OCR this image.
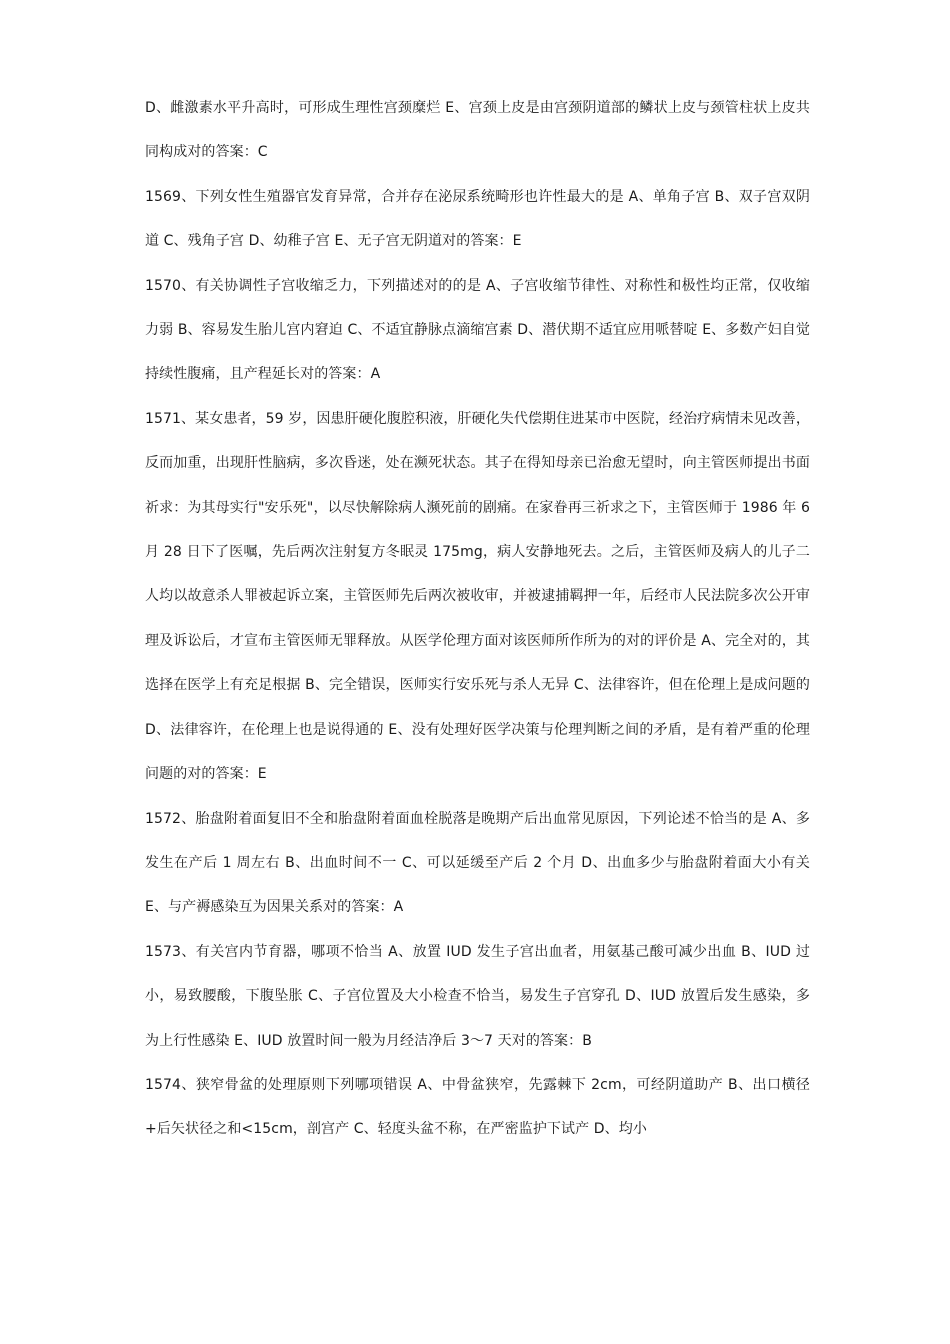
D、雌激素水平升高时，可形成生理性宫颈糜烂 E、宫颈上皮是由宫颈阴道部的鳞状上皮与颈管柱状上皮共同构成对的答案：C

1569、下列女性生殖器官发育异常，合并存在泌尿系统畸形也许性最大的是 A、单角子宫 B、双子宫双阴道 C、残角子宫 D、幼稚子宫 E、无子宫无阴道对的答案：E

1570、有关协调性子宫收缩乏力，下列描述对的的是 A、子宫收缩节律性、对称性和极性均正常，仅收缩力弱 B、容易发生胎儿宫内窘迫 C、不适宜静脉点滴缩宫素 D、潜伏期不适宜应用哌替啶 E、多数产妇自觉持续性腹痛，且产程延长对的答案：A

1571、某女患者，59 岁，因患肝硬化腹腔积液，肝硬化失代偿期住进某市中医院，经治疗病情未见改善，反而加重，出现肝性脑病，多次昏迷，处在濒死状态。其子在得知母亲已治愈无望时，向主管医师提出书面祈求：为其母实行"安乐死"，以尽快解除病人濒死前的剧痛。在家眷再三祈求之下，主管医师于 1986 年 6 月 28 日下了医嘱，先后两次注射复方冬眠灵 175mg，病人安静地死去。之后，主管医师及病人的儿子二人均以故意杀人罪被起诉立案，主管医师先后两次被收审，并被逮捕羁押一年，后经市人民法院多次公开审理及诉讼后，才宣布主管医师无罪释放。从医学伦理方面对该医师所作所为的对的评价是 A、完全对的，其选择在医学上有充足根据 B、完全错误，医师实行安乐死与杀人无异 C、法律容许，但在伦理上是成问题的 D、法律容许，在伦理上也是说得通的 E、没有处理好医学决策与伦理判断之间的矛盾，是有着严重的伦理问题的对的答案：E

1572、胎盘附着面复旧不全和胎盘附着面血栓脱落是晚期产后出血常见原因，下列论述不恰当的是 A、多发生在产后 1 周左右 B、出血时间不一 C、可以延缓至产后 2 个月 D、出血多少与胎盘附着面大小有关 E、与产褥感染互为因果关系对的答案：A

1573、有关宫内节育器，哪项不恰当 A、放置 IUD 发生子宫出血者，用氨基己酸可减少出血 B、IUD 过小，易致腰酸，下腹坠胀 C、子宫位置及大小检查不恰当，易发生子宫穿孔 D、IUD 放置后发生感染，多为上行性感染 E、IUD 放置时间一般为月经洁净后 3～7 天对的答案：B

1574、狭窄骨盆的处理原则下列哪项错误 A、中骨盆狭窄，先露棘下 2cm，可经阴道助产 B、出口横径+后矢状径之和<15cm，剖宫产 C、轻度头盆不称，在严密监护下试产 D、均小
